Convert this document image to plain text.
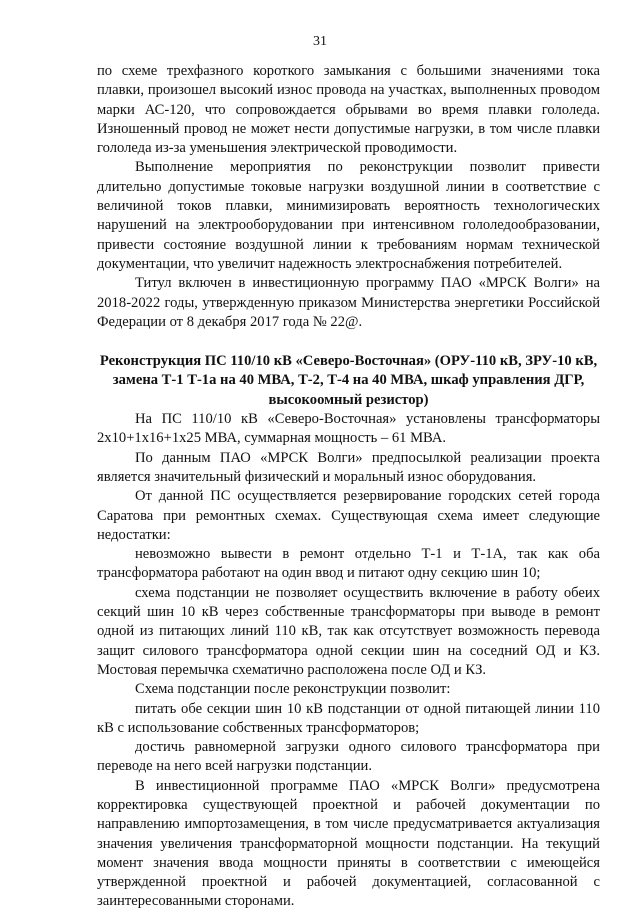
31

по схеме трехфазного короткого замыкания с большими значениями тока плавки, произошел высокий износ провода на участках, выполненных проводом марки АС-120, что сопровождается обрывами во время плавки гололеда. Изношенный провод не может нести допустимые нагрузки, в том числе плавки гололеда из-за уменьшения электрической проводимости.

Выполнение мероприятия по реконструкции позволит привести длительно допустимые токовые нагрузки воздушной линии в соответствие с величиной токов плавки, минимизировать вероятность технологических нарушений на электрооборудовании при интенсивном гололедообразовании, привести состояние воздушной линии к требованиям нормам технической документации, что увеличит надежность электроснабжения потребителей.

Титул включен в инвестиционную программу ПАО «МРСК Волги» на 2018-2022 годы, утвержденную приказом Министерства энергетики Российской Федерации от 8 декабря 2017 года № 22@.

Реконструкция ПС 110/10 кВ «Северо-Восточная» (ОРУ-110 кВ, ЗРУ-10 кВ, замена Т-1 Т-1а на 40 МВА, Т-2, Т-4 на 40 МВА, шкаф управления ДГР, высокоомный резистор)

На ПС 110/10 кВ «Северо-Восточная» установлены трансформаторы 2х10+1х16+1х25 МВА, суммарная мощность – 61 МВА.

По данным ПАО «МРСК Волги» предпосылкой реализации проекта является значительный физический и моральный износ оборудования.

От данной ПС осуществляется резервирование городских сетей города Саратова при ремонтных схемах. Существующая схема имеет следующие недостатки:

невозможно вывести в ремонт отдельно Т-1 и Т-1А, так как оба трансформатора работают на один ввод и питают одну секцию шин 10;

схема подстанции не позволяет осуществить включение в работу обеих секций шин 10 кВ через собственные трансформаторы при выводе в ремонт одной из питающих линий 110 кВ, так как отсутствует возможность перевода защит силового трансформатора одной секции шин на соседний ОД и КЗ. Мостовая перемычка схематично расположена после ОД и КЗ.

Схема подстанции после реконструкции позволит:

питать обе секции шин 10 кВ подстанции от одной питающей линии 110 кВ с использование собственных трансформаторов;

достичь равномерной загрузки одного силового трансформатора при переводе на него всей нагрузки подстанции.

В инвестиционной программе ПАО «МРСК Волги» предусмотрена корректировка существующей проектной и рабочей документации по направлению импортозамещения, в том числе предусматривается актуализация значения увеличения трансформаторной мощности подстанции. На текущий момент значения ввода мощности приняты в соответствии с имеющейся утвержденной проектной и рабочей документацией, согласованной с заинтересованными сторонами.
